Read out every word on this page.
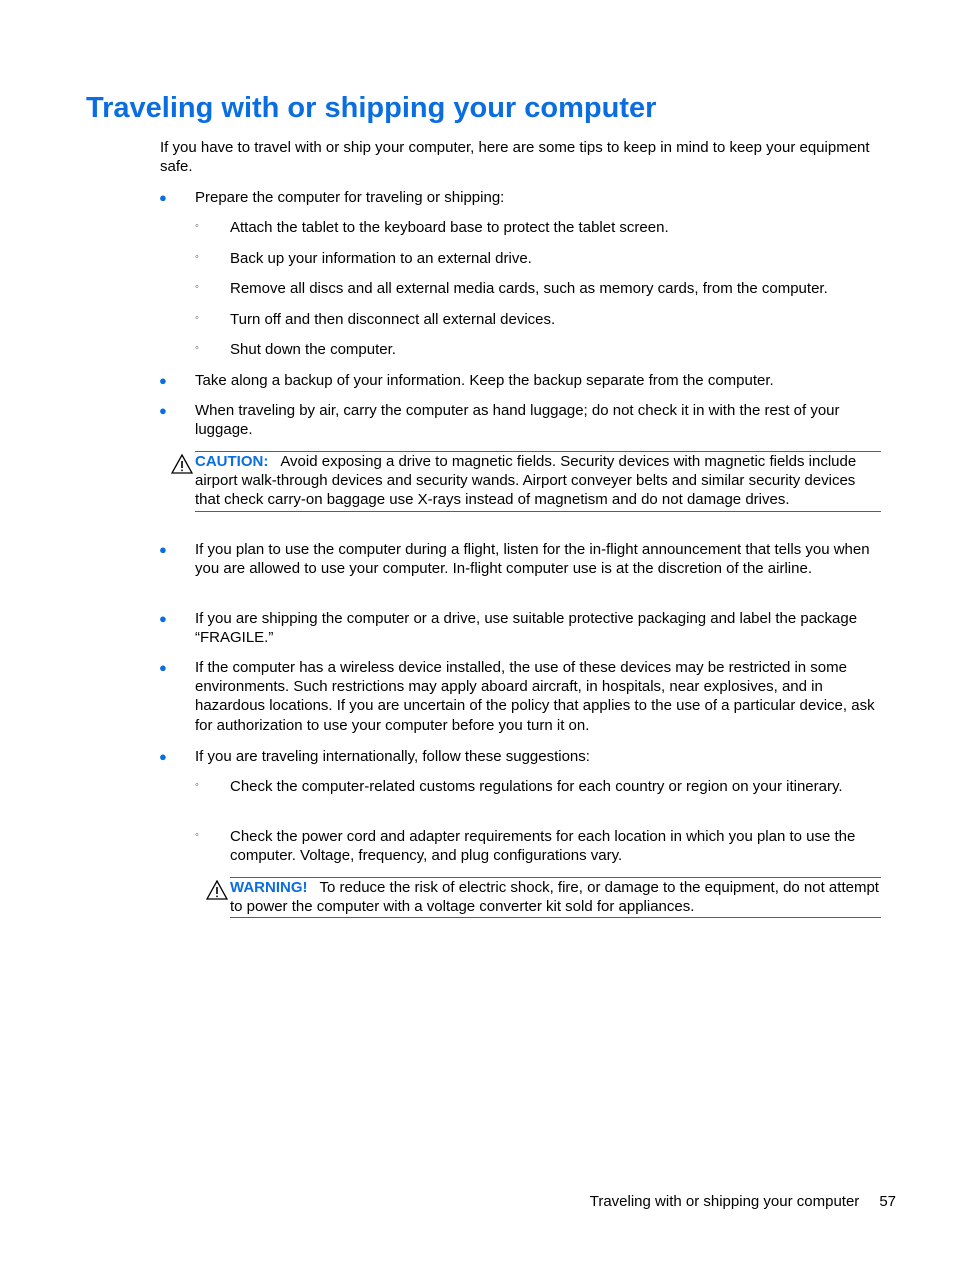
Traveling with or shipping your computer

If you have to travel with or ship your computer, here are some tips to keep in mind to keep your equipment safe.

● Prepare the computer for traveling or shipping:
◦ Attach the tablet to the keyboard base to protect the tablet screen.
◦ Back up your information to an external drive.
◦ Remove all discs and all external media cards, such as memory cards, from the computer.
◦ Turn off and then disconnect all external devices.
◦ Shut down the computer.
● Take along a backup of your information. Keep the backup separate from the computer.
● When traveling by air, carry the computer as hand luggage; do not check it in with the rest of your luggage.
CAUTION: Avoid exposing a drive to magnetic fields. Security devices with magnetic fields include airport walk-through devices and security wands. Airport conveyer belts and similar security devices that check carry-on baggage use X-rays instead of magnetism and do not damage drives.
● If you plan to use the computer during a flight, listen for the in-flight announcement that tells you when you are allowed to use your computer. In-flight computer use is at the discretion of the airline.
● If you are shipping the computer or a drive, use suitable protective packaging and label the package “FRAGILE.”
● If the computer has a wireless device installed, the use of these devices may be restricted in some environments. Such restrictions may apply aboard aircraft, in hospitals, near explosives, and in hazardous locations. If you are uncertain of the policy that applies to the use of a particular device, ask for authorization to use your computer before you turn it on.
● If you are traveling internationally, follow these suggestions:
◦ Check the computer-related customs regulations for each country or region on your itinerary.
◦ Check the power cord and adapter requirements for each location in which you plan to use the computer. Voltage, frequency, and plug configurations vary.
WARNING! To reduce the risk of electric shock, fire, or damage to the equipment, do not attempt to power the computer with a voltage converter kit sold for appliances.
Traveling with or shipping your computer 57
